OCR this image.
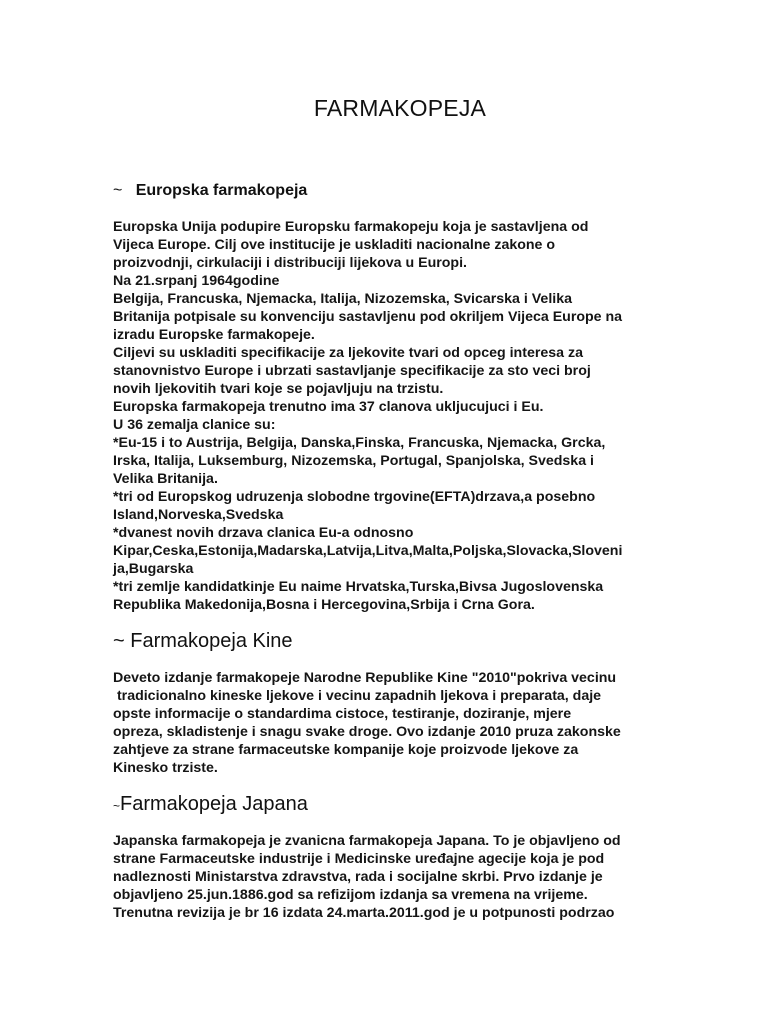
FARMAKOPEJA
~ Europska farmakopeja
Europska Unija podupire Europsku farmakopeju koja je sastavljena od
Vijeca Europe. Cilj ove institucije je uskladiti nacionalne zakone o
proizvodnji, cirkulaciji i distribuciji lijekova u Europi.
Na 21.srpanj 1964godine
Belgija, Francuska, Njemacka, Italija, Nizozemska, Svicarska i Velika
Britanija potpisale su konvenciju sastavljenu pod okriljem Vijeca Europe na
izradu Europske farmakopeje.
Ciljevi su uskladiti specifikacije za ljekovite tvari od opceg interesa za
stanovnistvo Europe i ubrzati sastavljanje specifikacije za sto veci broj
novih ljekovitih tvari koje se pojavljuju na trzistu.
Europska farmakopeja trenutno ima 37 clanova ukljucujuci i Eu.
U 36 zemalja clanice su:
*Eu-15 i to Austrija, Belgija, Danska,Finska, Francuska, Njemacka, Grcka,
Irska, Italija, Luksemburg, Nizozemska, Portugal, Spanjolska, Svedska i
Velika Britanija.
*tri od Europskog udruzenja slobodne trgovine(EFTA)drzava,a posebno
Island,Norveska,Svedska
*dvanest novih drzava clanica Eu-a odnosno
Kipar,Ceska,Estonija,Madarska,Latvija,Litva,Malta,Poljska,Slovacka,Sloveni
ja,Bugarska
*tri zemlje kandidatkinje Eu naime Hrvatska,Turska,Bivsa Jugoslovenska
Republika Makedonija,Bosna i Hercegovina,Srbija i Crna Gora.
~ Farmakopeja Kine
Deveto izdanje farmakopeje Narodne Republike Kine "2010"pokriva vecinu
tradicionalno kineske ljekove i vecinu zapadnih ljekova i preparata, daje
opste informacije o standardima cistoce, testiranje, doziranje, mjere
opreza, skladistenje i snagu svake droge. Ovo izdanje 2010 pruza zakonske
zahtjeve za strane farmaceutske kompanije koje proizvode ljekove za
Kinesko trziste.
~Farmakopeja Japana
Japanska farmakopeja je zvanicna farmakopeja Japana. To je objavljeno od
strane Farmaceutske industrije i Medicinske uređajne agecije koja je pod
nadleznosti Ministarstva zdravstva, rada i socijalne skrbi. Prvo izdanje je
objavljeno 25.jun.1886.god sa refizijom izdanja sa vremena na vrijeme.
Trenutna revizija je br 16 izdata 24.marta.2011.god je u potpunosti podrzao
